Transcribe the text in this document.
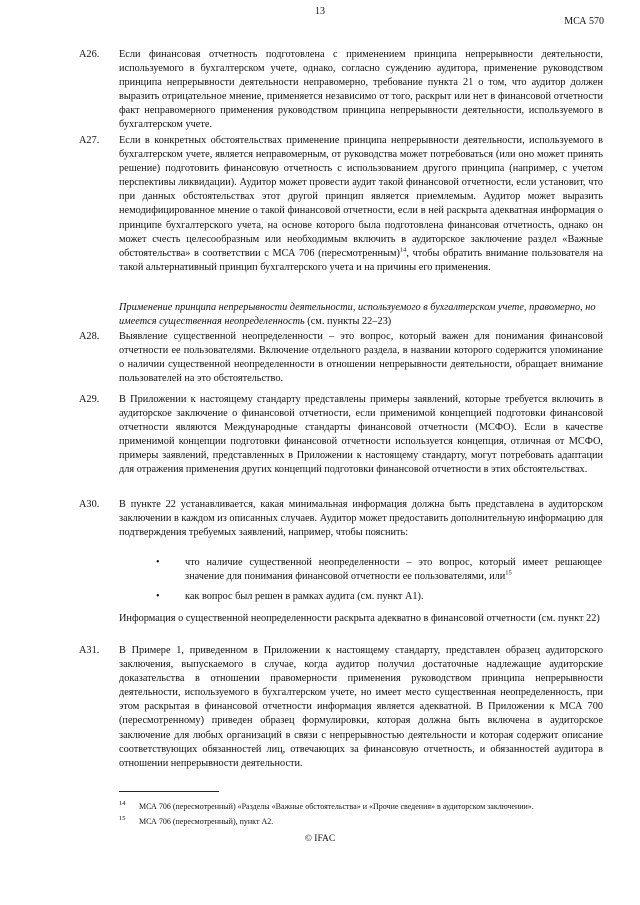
13
МСА 570
A26. Если финансовая отчетность подготовлена с применением принципа непрерывности деятельности, используемого в бухгалтерском учете, однако, согласно суждению аудитора, применение руководством принципа непрерывности деятельности неправомерно, требование пункта 21 о том, что аудитор должен выразить отрицательное мнение, применяется независимо от того, раскрыт или нет в финансовой отчетности факт неправомерного применения руководством принципа непрерывности деятельности, используемого в бухгалтерском учете.
A27. Если в конкретных обстоятельствах применение принципа непрерывности деятельности, используемого в бухгалтерском учете, является неправомерным, от руководства может потребоваться (или оно может принять решение) подготовить финансовую отчетность с использованием другого принципа (например, с учетом перспективы ликвидации). Аудитор может провести аудит такой финансовой отчетности, если установит, что при данных обстоятельствах этот другой принцип является приемлемым. Аудитор может выразить немодифицированное мнение о такой финансовой отчетности, если в ней раскрыта адекватная информация о принципе бухгалтерского учета, на основе которого была подготовлена финансовая отчетность, однако он может счесть целесообразным или необходимым включить в аудиторское заключение раздел «Важные обстоятельства» в соответствии с МСА 706 (пересмотренным)$^{14}$, чтобы обратить внимание пользователя на такой альтернативный принцип бухгалтерского учета и на причины его применения.
Применение принципа непрерывности деятельности, используемого в бухгалтерском учете, правомерно, но имеется существенная неопределенность (см. пункты 22–23)
A28. Выявление существенной неопределенности – это вопрос, который важен для понимания финансовой отчетности ее пользователями. Включение отдельного раздела, в названии которого содержится упоминание о наличии существенной неопределенности в отношении непрерывности деятельности, обращает внимание пользователей на это обстоятельство.
A29. В Приложении к настоящему стандарту представлены примеры заявлений, которые требуется включить в аудиторское заключение о финансовой отчетности, если применимой концепцией подготовки финансовой отчетности являются Международные стандарты финансовой отчетности (МСФО). Если в качестве применимой концепции подготовки финансовой отчетности используется концепция, отличная от МСФО, примеры заявлений, представленных в Приложении к настоящему стандарту, могут потребовать адаптации для отражения применения других концепций подготовки финансовой отчетности в этих обстоятельствах.
A30. В пункте 22 устанавливается, какая минимальная информация должна быть представлена в аудиторском заключении в каждом из описанных случаев. Аудитор может предоставить дополнительную информацию для подтверждения требуемых заявлений, например, чтобы пояснить:
• что наличие существенной неопределенности – это вопрос, который имеет решающее значение для понимания финансовой отчетности ее пользователями, или$^{15}$
• как вопрос был решен в рамках аудита (см. пункт A1).
Информация о существенной неопределенности раскрыта адекватно в финансовой отчетности (см. пункт 22)
A31. В Примере 1, приведенном в Приложении к настоящему стандарту, представлен образец аудиторского заключения, выпускаемого в случае, когда аудитор получил достаточные надлежащие аудиторские доказательства в отношении правомерности применения руководством принципа непрерывности деятельности, используемого в бухгалтерском учете, но имеет место существенная неопределенность, при этом раскрытая в финансовой отчетности информация является адекватной. В Приложении к МСА 700 (пересмотренному) приведен образец формулировки, которая должна быть включена в аудиторское заключение для любых организаций в связи с непрерывностью деятельности и которая содержит описание соответствующих обязанностей лиц, отвечающих за финансовую отчетность, и обязанностей аудитора в отношении непрерывности деятельности.
14	МСА 706 (пересмотренный) «Разделы «Важные обстоятельства» и «Прочие сведения» в аудиторском заключении».
15	МСА 706 (пересмотренный), пункт A2.
© IFAC
